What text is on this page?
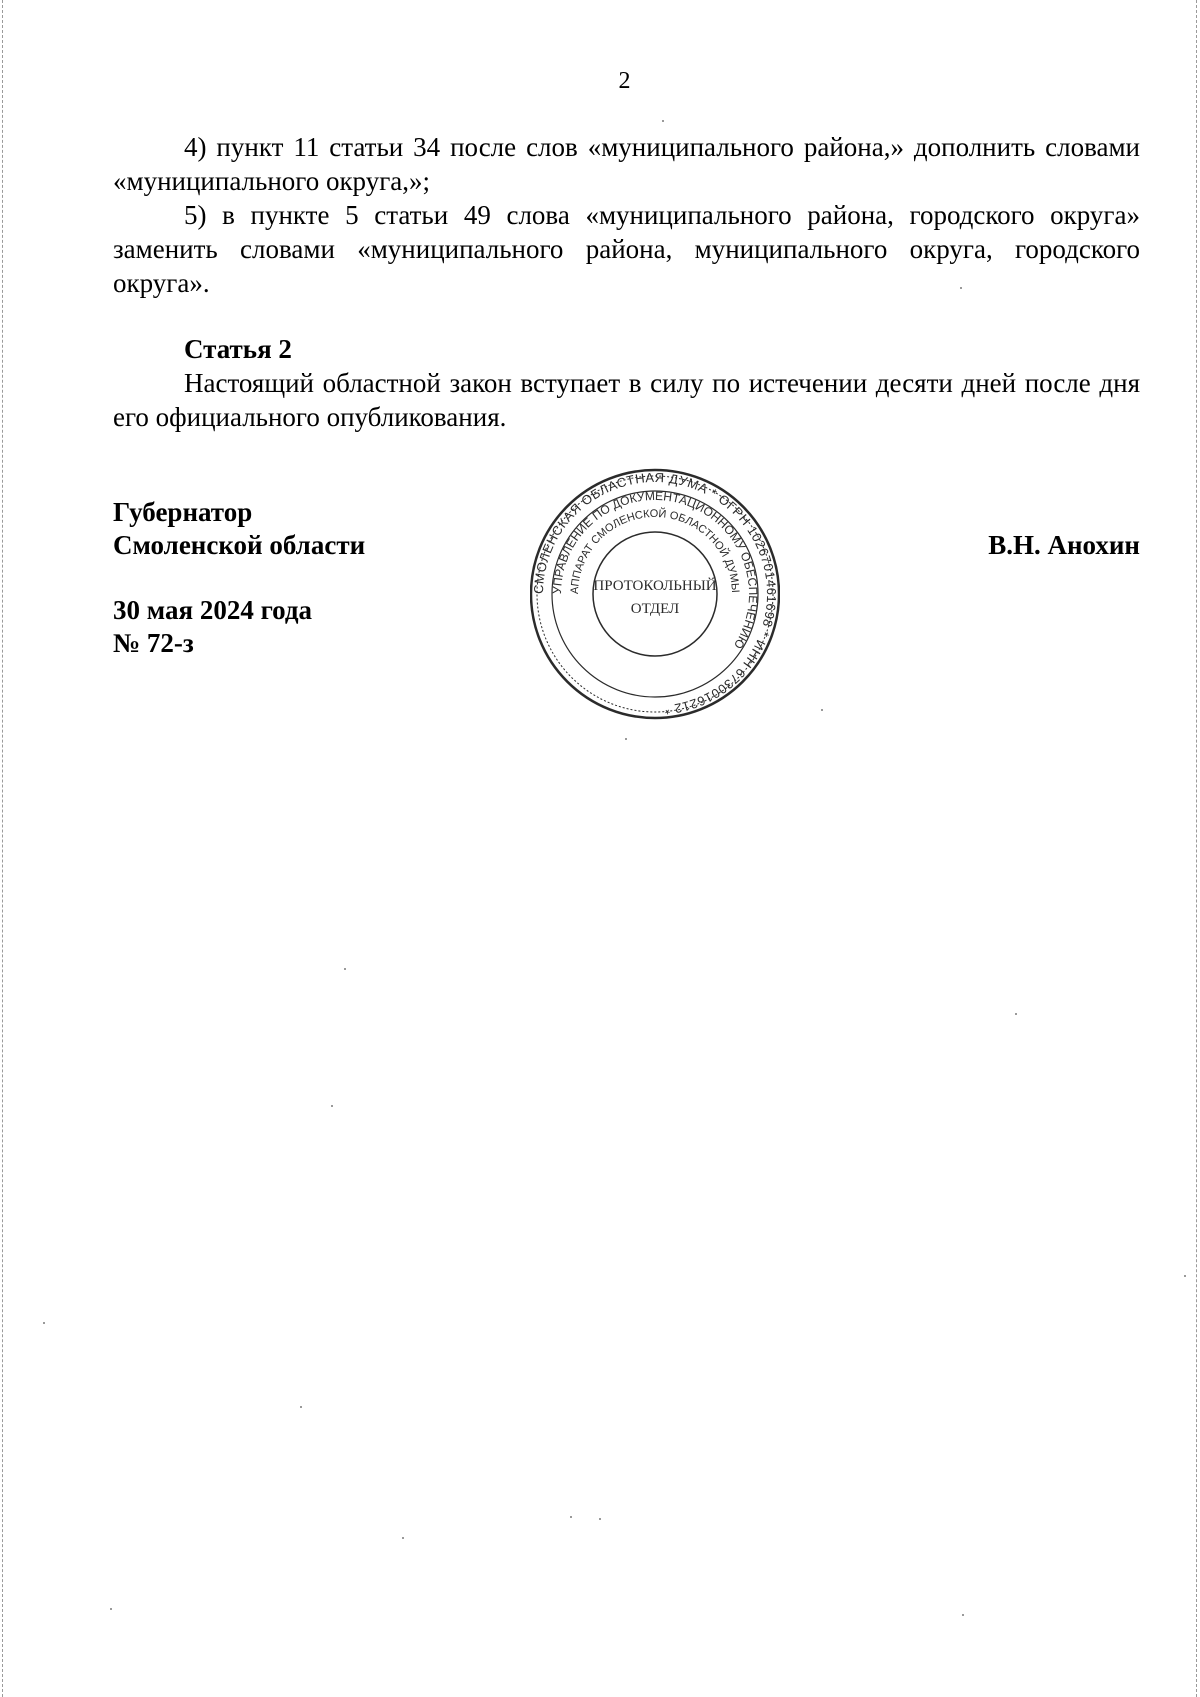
2

4) пункт 11 статьи 34 после слов «муниципального района,» дополнить словами «муниципального округа,»;

5) в пункте 5 статьи 49 слова «муниципального района, городского округа» заменить словами «муниципального района, муниципального округа, городского округа».

Статья 2

Настоящий областной закон вступает в силу по истечении десяти дней после дня его официального опубликования.

Губернатор
Смоленской области	В.Н. Анохин
30 мая 2024 года
№ 72-з
СМОЛЕНСКАЯ ОБЛАСТНАЯ ДУМА * ОГРН 1026701461698 * ИНН 6730016212 *
УПРАВЛЕНИЕ ПО ДОКУМЕНТАЦИОННОМУ ОБЕСПЕЧЕНИЮ
АППАРАТ СМОЛЕНСКОЙ ОБЛАСТНОЙ ДУМЫ
ПРОТОКОЛЬНЫЙ
ОТДЕЛ
